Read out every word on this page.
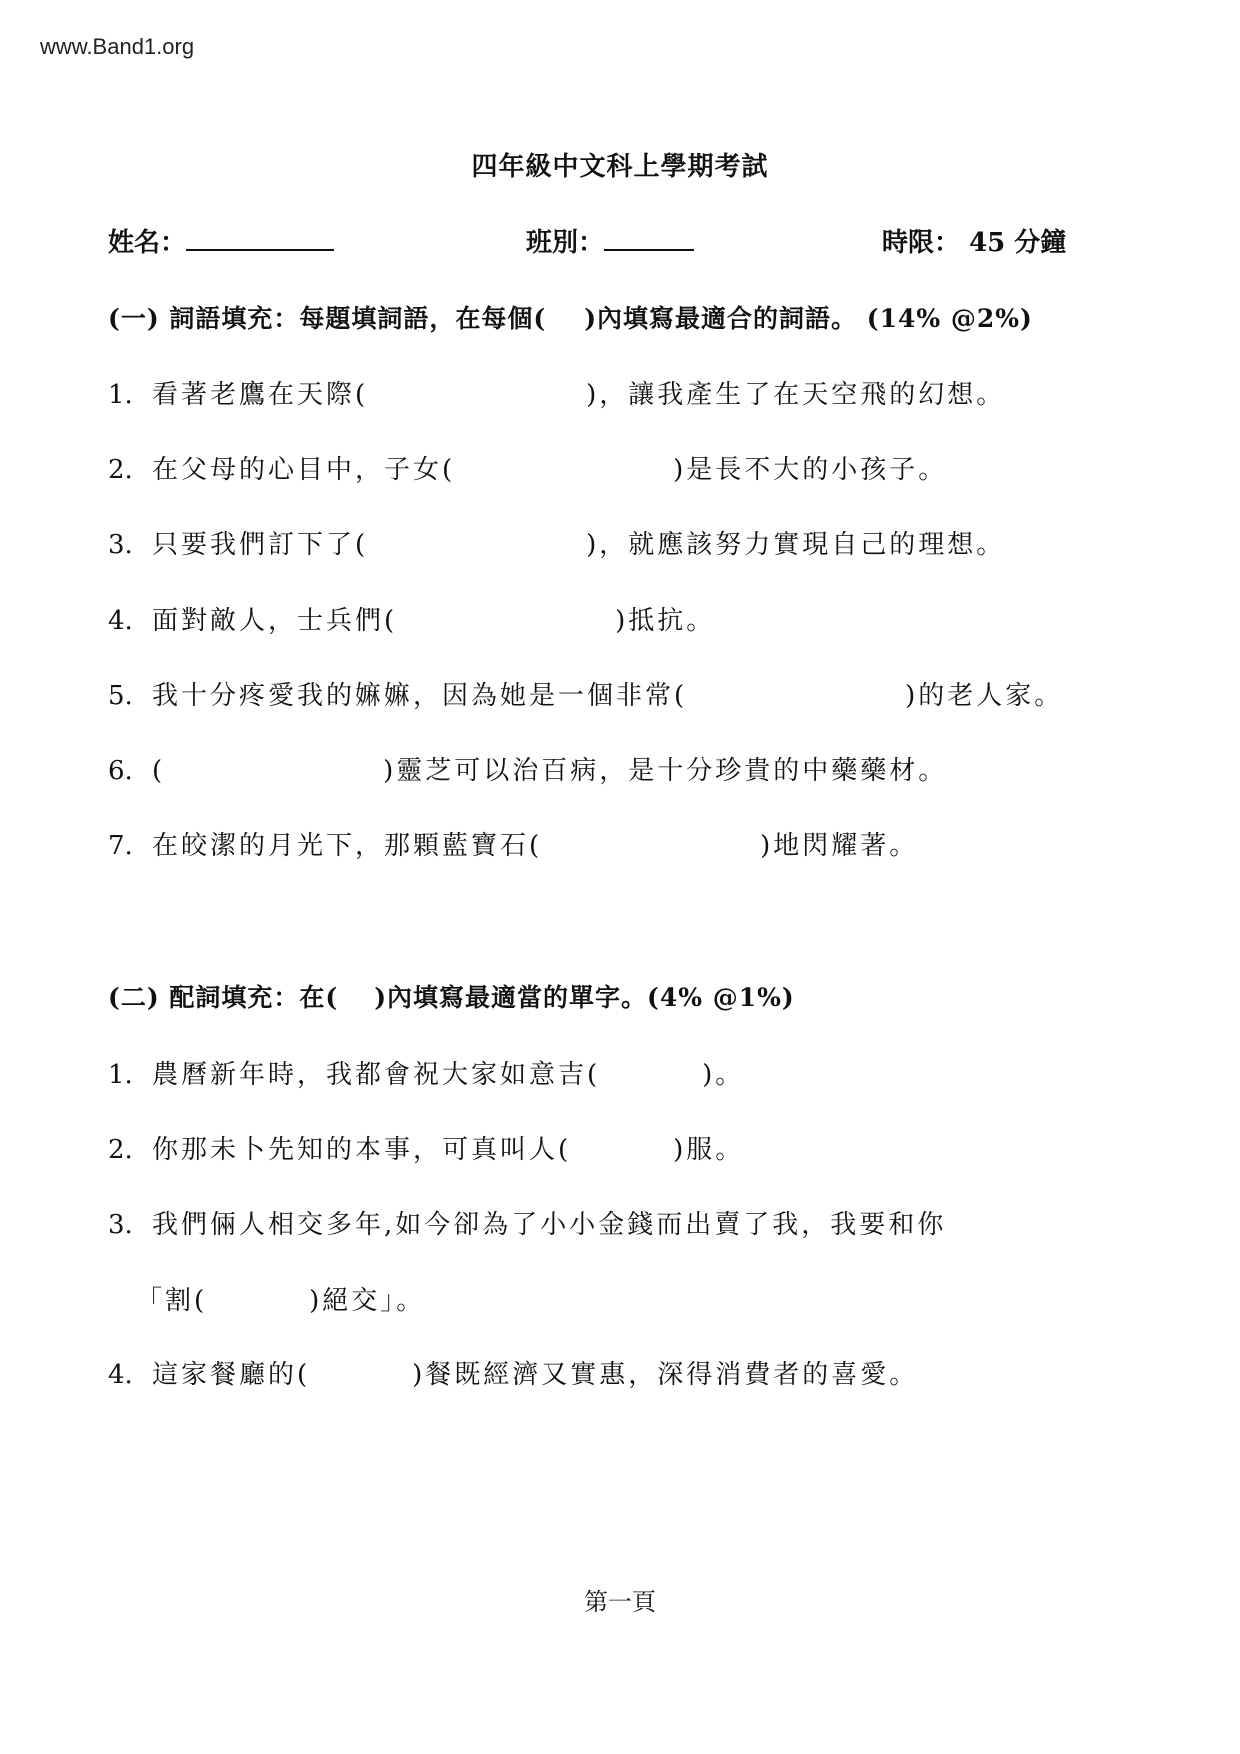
www.Band1.org
四年級中文科上學期考試
姓名：	班別：	時限： 45 分鐘
(一) 詞語填充：每題填詞語，在每個( )內填寫最適合的詞語。 (14% @2%)
1. 看著老鷹在天際(	)，讓我產生了在天空飛的幻想。
2. 在父母的心目中，子女(	)是長不大的小孩子。
3. 只要我們訂下了(	)，就應該努力實現自己的理想。
4. 面對敵人，士兵們(	)抵抗。
5. 我十分疼愛我的嫲嫲，因為她是一個非常(	)的老人家。
6. (	)靈芝可以治百病，是十分珍貴的中藥藥材。
7. 在皎潔的月光下，那顆藍寶石(	)地閃耀著。
(二) 配詞填充：在( )內填寫最適當的單字。(4% @1%)
1. 農曆新年時，我都會祝大家如意吉(	)。
2. 你那未卜先知的本事，可真叫人(	)服。
3. 我們倆人相交多年,如今卻為了小小金錢而出賣了我，我要和你
「割(	)絕交」。
4. 這家餐廳的(	)餐既經濟又實惠，深得消費者的喜愛。
第一頁
